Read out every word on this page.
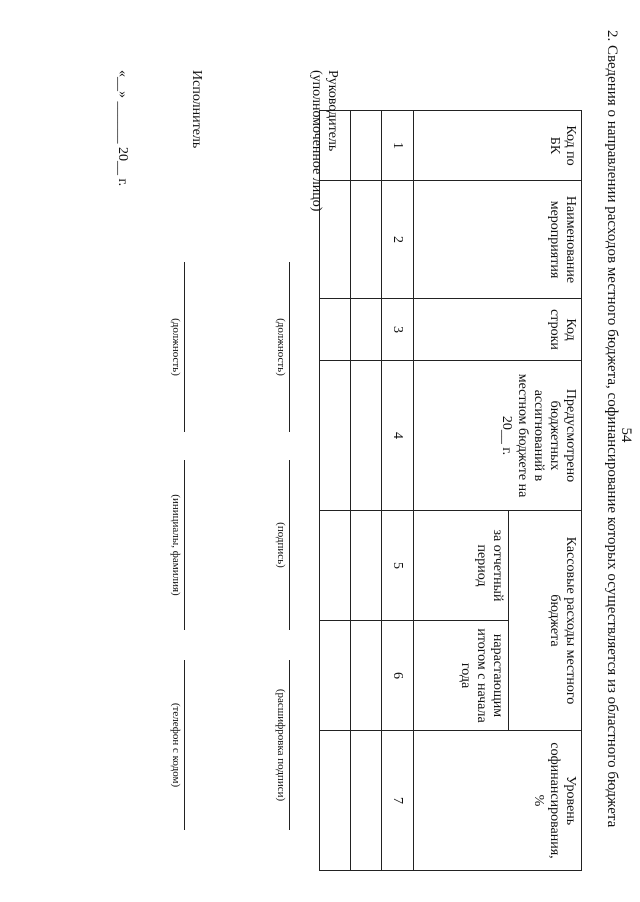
54
2. Сведения о направлении расходов местного бюджета, софинансирование которых осуществляется из областного бюджета
Код по БК	Наименование мероприятия	Код строки	Предусмотрено бюджетных ассигнований в местном бюджете на 20__ г.	Кассовые расходы местного бюджета		Уровень софинансирования, %
				за отчетный период	нарастающим итогом с начала года	
1	2	3	4	5	6	7

Руководитель (уполномоченное лицо)
(должность)
(подпись)
(расшифровка подписи)
Исполнитель
(должность)
(инициалы, фамилия)
(телефон с кодом)
«__» ______ 20__ г.
